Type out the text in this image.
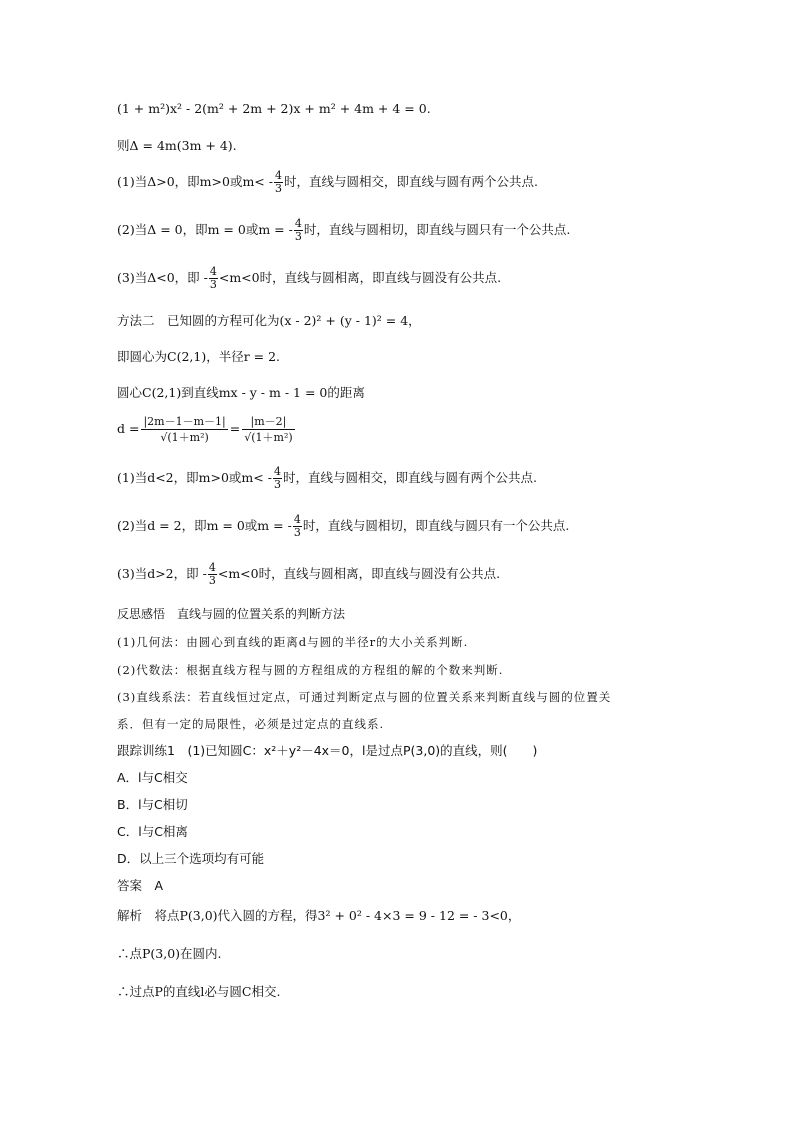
(1 + m²)x² - 2(m² + 2m + 2)x + m² + 4m + 4 = 0.
则Δ = 4m(3m + 4).
(1)当Δ>0，即m>0或$m< - \frac{4}{3}$ 时，直线与圆相交，即直线与圆有两个公共点.
(2)当Δ = 0，即m = 0或m = - $\frac{4}{3}$ 时，直线与圆相切，即直线与圆只有一个公共点.
(3)当Δ<0，即 - $\frac{4}{3} <m<0$时，直线与圆相离，即直线与圆没有公共点.
方法二　已知圆的方程可化为(x - 2)² + (y - 1)² = 4，
即圆心为C(2,1)，半径r = 2.
圆心C(2,1)到直线mx - y - m - 1 = 0的距离
$d = \frac{|2m-1-m-1|}{\text{√(1＋m²)}} = \frac{|m-2|}{\text{√(1＋m²)}}$
(1)当d<2，即m>0或$m< - \frac{4}{3}$ 时，直线与圆相交，即直线与圆有两个公共点.
(2)当d = 2，即m = 0或m = - $\frac{4}{3}$ 时，直线与圆相切，即直线与圆只有一个公共点.
(3)当d>2，即 - $\frac{4}{3} <m<0$时，直线与圆相离，即直线与圆没有公共点.
反思感悟　直线与圆的位置关系的判断方法
(1)几何法：由圆心到直线的距离d与圆的半径r的大小关系判断.
(2)代数法：根据直线方程与圆的方程组成的方程组的解的个数来判断.
(3)直线系法：若直线恒过定点，可通过判断定点与圆的位置关系来判断直线与圆的位置关
系．但有一定的局限性，必须是过定点的直线系.
跟踪训练1　(1)已知圆C：x²＋y²－4x＝0，l是过点P(3,0)的直线，则(　　)
A．l与C相交
B．l与C相切
C．l与C相离
D．以上三个选项均有可能
答案　A
解析　将点P(3,0)代入圆的方程，得3² + 0² - 4×3 = 9 - 12 = - 3<0，
∴点P(3,0)在圆内.
∴过点P的直线l必与圆C相交.
